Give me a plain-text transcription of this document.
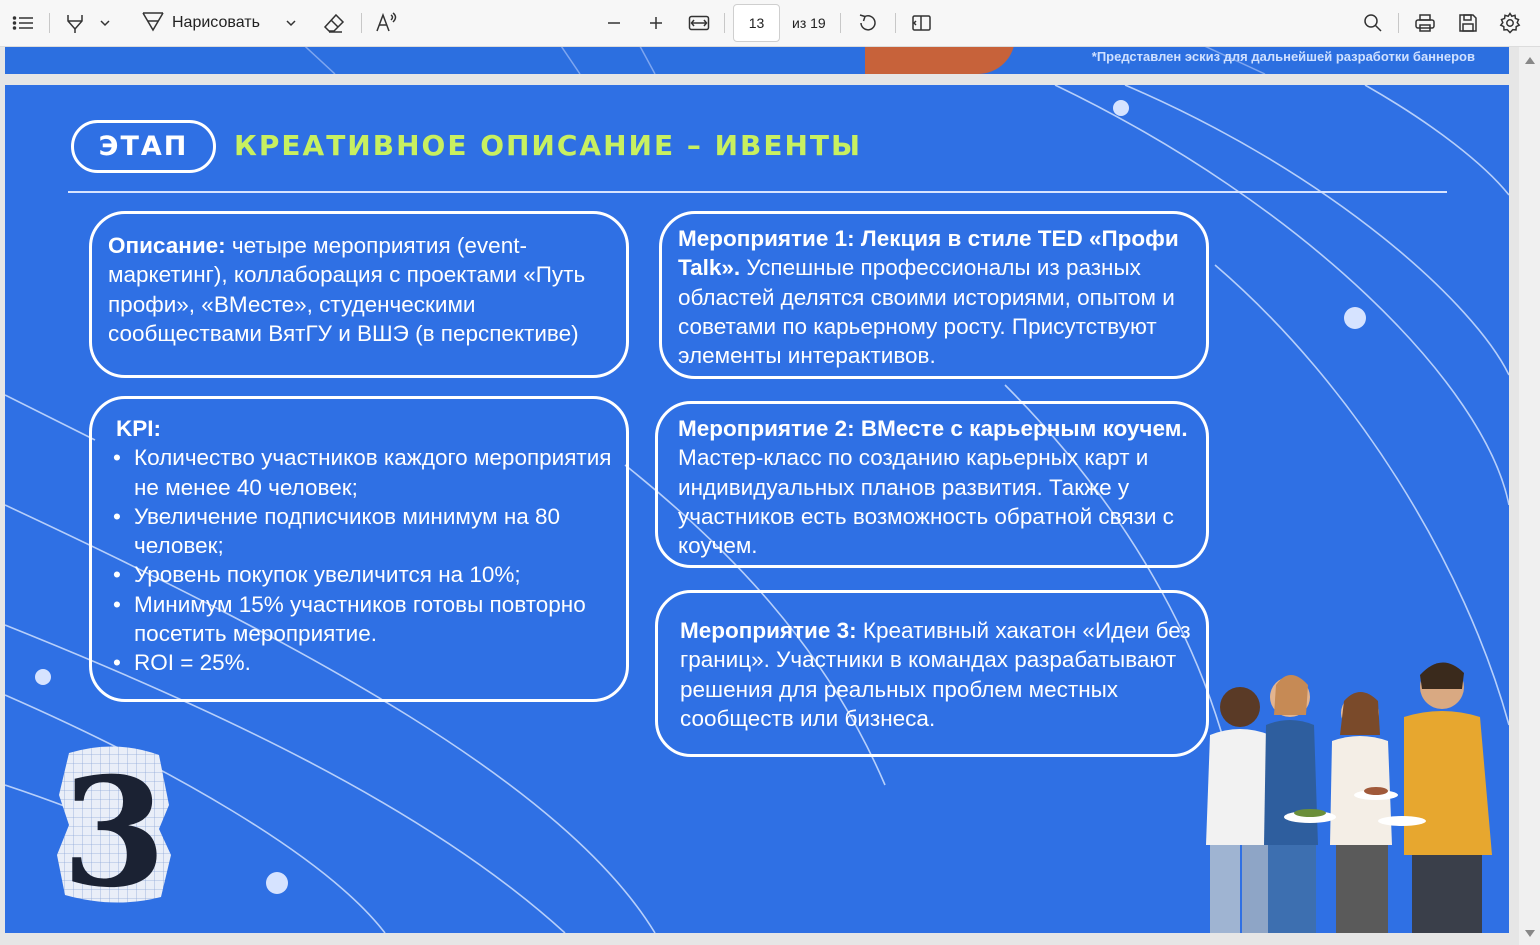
Нарисовать
13	из 19
*Представлен эскиз для дальнейшей разработки баннеров
ЭТАП	КРЕАТИВНОЕ ОПИСАНИЕ – ИВЕНТЫ
Описание: четыре мероприятия (event-маркетинг), коллаборация с проектами «Путь профи», «ВМесте», студенческими сообществами ВятГУ и ВШЭ (в перспективе)
KPI:
• Количество участников каждого мероприятия не менее 40 человек;
• Увеличение подписчиков минимум на 80 человек;
• Уровень покупок увеличится на 10%;
• Минимум 15% участников готовы повторно посетить мероприятие.
• ROI = 25%.
Мероприятие 1: Лекция в стиле TED «Профи Talk». Успешные профессионалы из разных областей делятся своими историями, опытом и советами по карьерному росту. Присутствуют элементы интерактивов.
Мероприятие 2: ВМесте с карьерным коучем. Мастер-класс по созданию карьерных карт и индивидуальных планов развития. Также у участников есть возможность обратной связи с коучем.
Мероприятие 3: Креативный хакатон «Идеи без границ». Участники в командах разрабатывают решения для реальных проблем местных сообществ или бизнеса.
3
